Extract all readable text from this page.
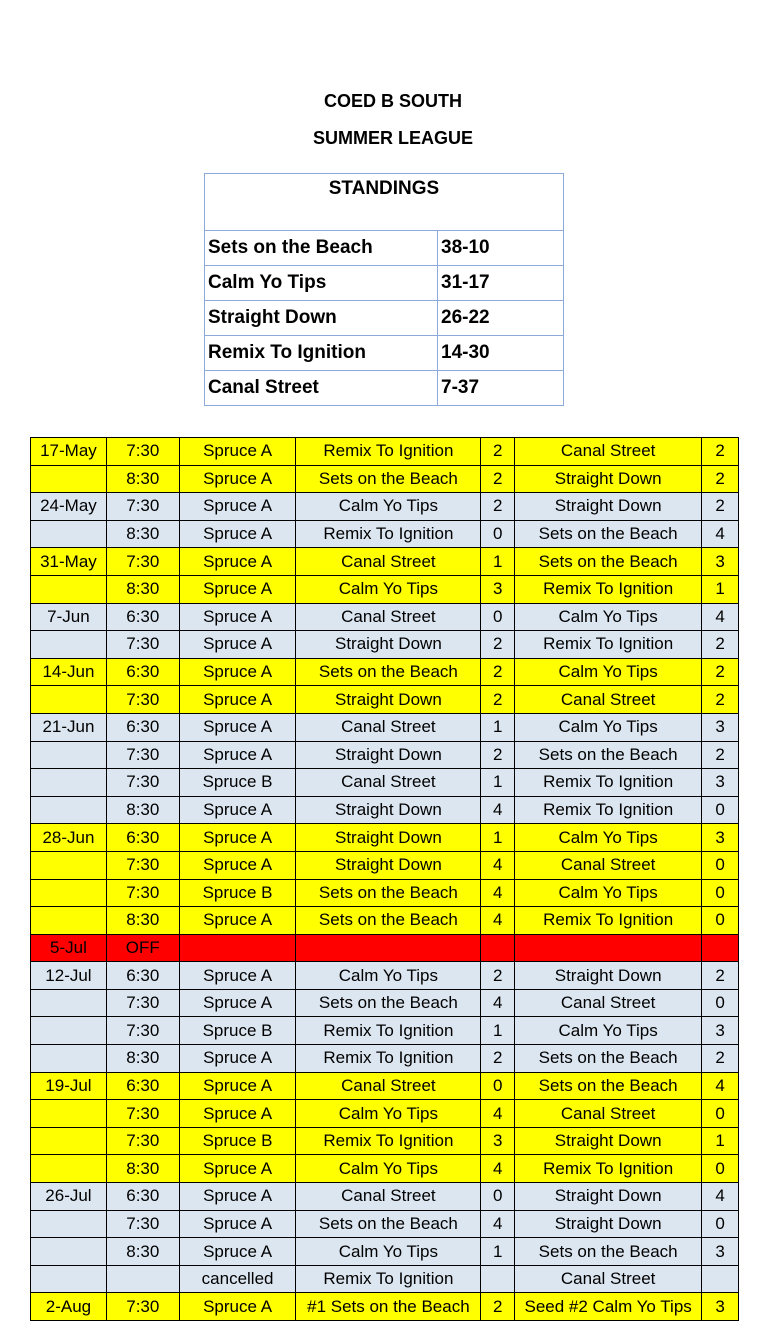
COED B SOUTH
SUMMER LEAGUE
STANDINGS	
Sets on the Beach	38-10
Calm Yo Tips	31-17
Straight Down	26-22
Remix To Ignition	14-30
Canal Street	7-37
17-May	7:30	Spruce A	Remix To Ignition	2	Canal Street	2
	8:30	Spruce A	Sets on the Beach	2	Straight Down	2
24-May	7:30	Spruce A	Calm Yo Tips	2	Straight Down	2
	8:30	Spruce A	Remix To Ignition	0	Sets on the Beach	4
31-May	7:30	Spruce A	Canal Street	1	Sets on the Beach	3
	8:30	Spruce A	Calm Yo Tips	3	Remix To Ignition	1
7-Jun	6:30	Spruce A	Canal Street	0	Calm Yo Tips	4
	7:30	Spruce A	Straight Down	2	Remix To Ignition	2
14-Jun	6:30	Spruce A	Sets on the Beach	2	Calm Yo Tips	2
	7:30	Spruce A	Straight Down	2	Canal Street	2
21-Jun	6:30	Spruce A	Canal Street	1	Calm Yo Tips	3
	7:30	Spruce A	Straight Down	2	Sets on the Beach	2
	7:30	Spruce B	Canal Street	1	Remix To Ignition	3
	8:30	Spruce A	Straight Down	4	Remix To Ignition	0
28-Jun	6:30	Spruce A	Straight Down	1	Calm Yo Tips	3
	7:30	Spruce A	Straight Down	4	Canal Street	0
	7:30	Spruce B	Sets on the Beach	4	Calm Yo Tips	0
	8:30	Spruce A	Sets on the Beach	4	Remix To Ignition	0
5-Jul	OFF					
12-Jul	6:30	Spruce A	Calm Yo Tips	2	Straight Down	2
	7:30	Spruce A	Sets on the Beach	4	Canal Street	0
	7:30	Spruce B	Remix To Ignition	1	Calm Yo Tips	3
	8:30	Spruce A	Remix To Ignition	2	Sets on the Beach	2
19-Jul	6:30	Spruce A	Canal Street	0	Sets on the Beach	4
	7:30	Spruce A	Calm Yo Tips	4	Canal Street	0
	7:30	Spruce B	Remix To Ignition	3	Straight Down	1
	8:30	Spruce A	Calm Yo Tips	4	Remix To Ignition	0
26-Jul	6:30	Spruce A	Canal Street	0	Straight Down	4
	7:30	Spruce A	Sets on the Beach	4	Straight Down	0
	8:30	Spruce A	Calm Yo Tips	1	Sets on the Beach	3
		cancelled	Remix To Ignition		Canal Street	
2-Aug	7:30	Spruce A	#1 Sets on the Beach	2	Seed #2 Calm Yo Tips	3
